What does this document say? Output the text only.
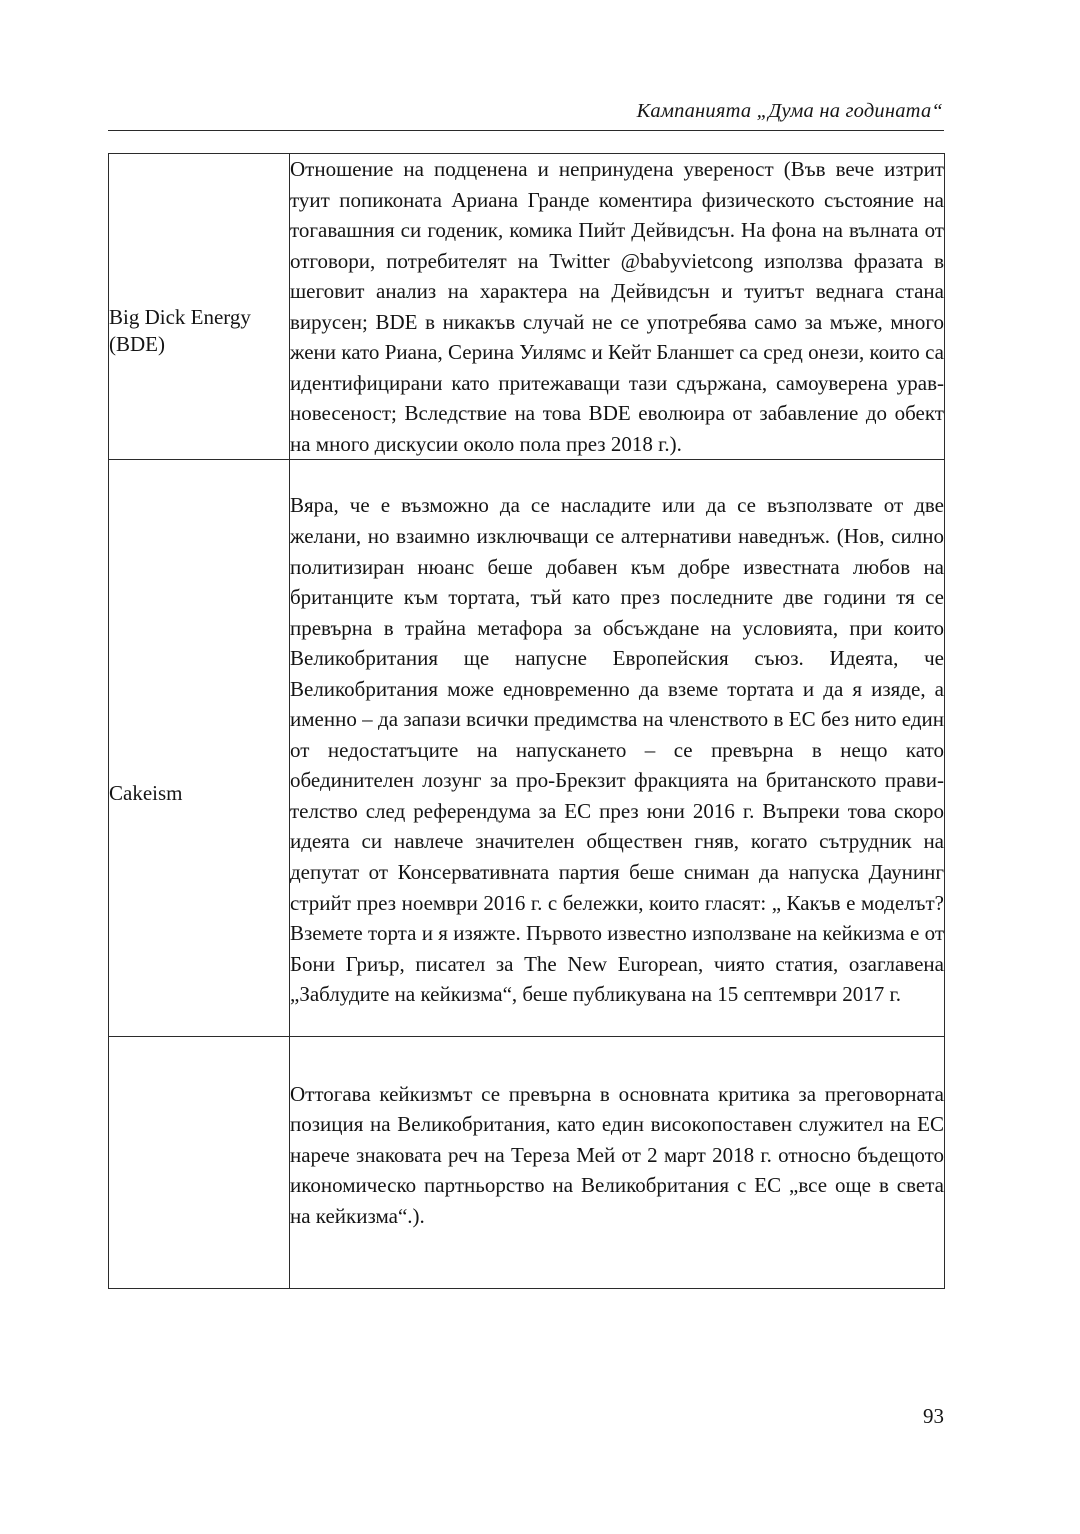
Кампанията „Дума на годината“
Big Dick Energy (BDE)	Отношение на подценена и непринудена увереност (Във вече изтрит туит попиконата Ариана Гранде коментира физическото състояние на тогавашния си годеник, комика Пийт Дейвидсън. На фона на вълната от отговори, потребителят на Twitter @babyvietcong използва фразата в шеговит анализ на характера на Дейвидсън и туитът веднага стана вирусен; BDE в никакъв случай не се употребява само за мъже, много жени като Риана, Серина Уилямс и Кейт Бланшет са сред онези, които са идентифицирани като притежаващи тази сдържана, самоуверена уравновесеност; Вследствие на това BDE еволюира от забавление до обект на много дискусии около пола през 2018 г.).

Cakeism	Вяра, че е възможно да се насладите или да се възползвате от две желани, но взаимно изключващи се алтернативи наведнъж. (Нов, силно политизиран нюанс беше добавен към добре известната любов на британците към тортата, тъй като през последните две години тя се превърна в трайна метафора за обсъждане на условията, при които Великобритания ще напусне Европейския съюз. Идеята, че Великобритания може едновременно да вземе тортата и да я изяде, а именно – да запази всички предимства на членството в ЕС без нито един от недостатъците на напускането – се превърна в нещо като обединителен лозунг за про-Брекзит фракцията на британското правителство след референдума за ЕС през юни 2016 г. Въпреки това скоро идеята си навлече значителен обществен гняв, когато сътрудник на депутат от Консервативната партия беше сниман да напуска Даунинг стрийт през ноември 2016 г. с бележки, които гласят: „ Какъв е моделът? Вземете торта и я изяжте. Първото известно използване на кейкизма е от Бони Гриър, писател за The New European, чиято статия, озаглавена „Заблудите на кейкизма“, беше публикувана на 15 септември 2017 г.

	Оттогава кейкизмът се превърна в основната критика за преговорната позиция на Великобритания, като един високопоставен служител на ЕС нарече знаковата реч на Тереза Мей от 2 март 2018 г. относно бъдещото икономическо партньорство на Великобритания с ЕС „все още в света на кейкизма“.).
93
